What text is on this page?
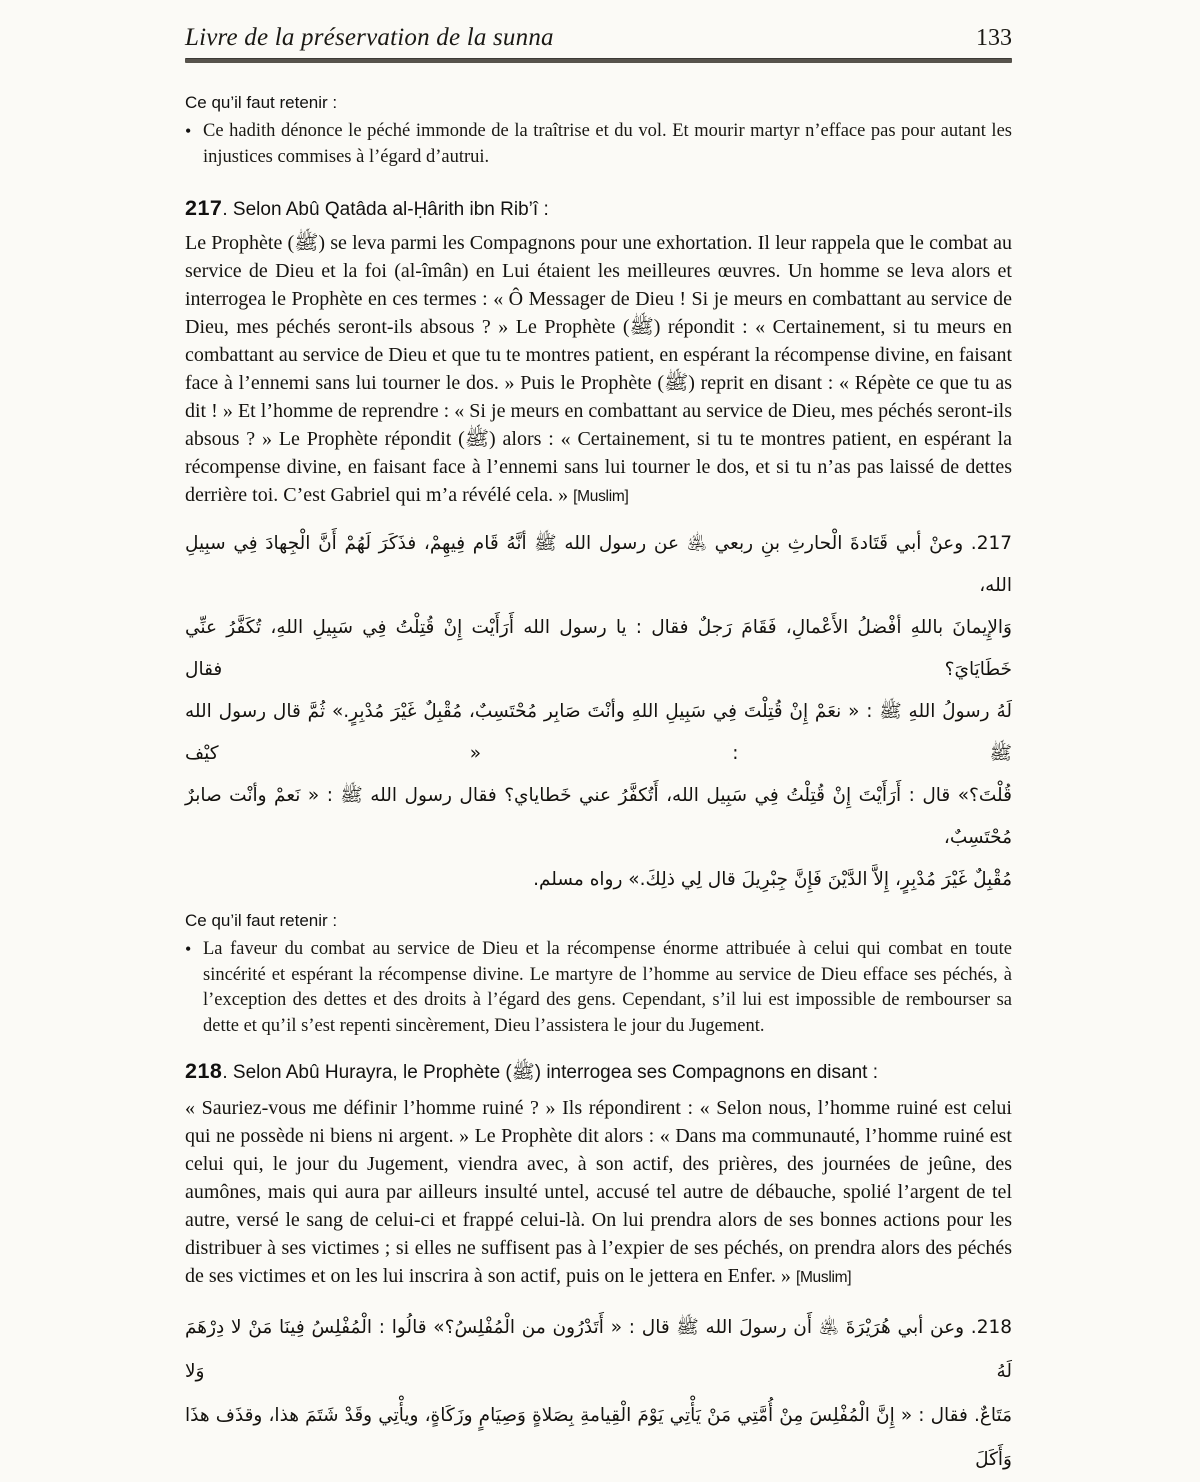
Livre de la préservation de la sunna	133
Ce qu’il faut retenir :
• Ce hadith dénonce le péché immonde de la traîtrise et du vol. Et mourir martyr n’efface pas pour autant les injustices commises à l’égard d’autrui.
217. Selon Abû Qatâda al-Ḥârith ibn Rib’î :

Le Prophète (ﷺ) se leva parmi les Compagnons pour une exhortation. Il leur rappela que le combat au service de Dieu et la foi (al-îmân) en Lui étaient les meilleures œuvres. Un homme se leva alors et interrogea le Prophète en ces termes : « Ô Messager de Dieu ! Si je meurs en combattant au service de Dieu, mes péchés seront-ils absous ? » Le Prophète (ﷺ) répondit : « Certainement, si tu meurs en combattant au service de Dieu et que tu te montres patient, en espérant la récompense divine, en faisant face à l’ennemi sans lui tourner le dos. » Puis le Prophète (ﷺ) reprit en disant : « Répète ce que tu as dit ! » Et l’homme de reprendre : « Si je meurs en combattant au service de Dieu, mes péchés seront-ils absous ? » Le Prophète répondit (ﷺ) alors : « Certainement, si tu te montres patient, en espérant la récompense divine, en faisant face à l’ennemi sans lui tourner le dos, et si tu n’as pas laissé de dettes derrière toi. C’est Gabriel qui m’a révélé cela. » [Muslim]

217. وعنْ أبي قَتَادةَ الْحارثِ بنِ ربعي ﵁ عن رسول الله ﷺ أنَّهُ قَام فِيهِمْ، فذَكَرَ لَهُمْ أَنَّ الْجِهادَ فِي سبِيلِ الله،
وَالإِيمانَ باللهِ أفْضلُ الأَعْمالِ، فَقَامَ رَجلٌ فقال : يا رسول الله أَرَأَيْت إِنْ قُتِلْتُ فِي سَبِيلِ اللهِ، تُكَفَّرُ عنِّي خَطَايَايَ؟ فقال
لَهُ رسولُ اللهِ ﷺ : « نعَمْ إِنْ قُتِلْتَ فِي سَبِيلِ اللهِ وأنْتَ صَابِر مُحْتَسِبٌ، مُقْبِلٌ غَيْرَ مُدْبِرٍ.» ثُمَّ قال رسول الله ﷺ : « كيْف
قُلْتَ؟» قال : أَرَأَيْتَ إِنْ قُتِلْتُ فِي سَبِيل الله، أَتُكفَّرُ عني خَطاياي؟ فقال رسول الله ﷺ : « نَعمْ وأنْت صابرٌ مُحْتَسِبٌ،
مُقْبِلٌ غَيْرَ مُدْبِرٍ، إِلاَّ الدَّيْنَ فَإِنَّ جِبْرِيلَ قال لِي ذلِكَ.» رواه مسلم.
Ce qu’il faut retenir :
• La faveur du combat au service de Dieu et la récompense énorme attribuée à celui qui combat en toute sincérité et espérant la récompense divine. Le martyre de l’homme au service de Dieu efface ses péchés, à l’exception des dettes et des droits à l’égard des gens. Cependant, s’il lui est impossible de rembourser sa dette et qu’il s’est repenti sincèrement, Dieu l’assistera le jour du Jugement.
218. Selon Abû Hurayra, le Prophète (ﷺ) interrogea ses Compagnons en disant :

« Sauriez-vous me définir l’homme ruiné ? » Ils répondirent : « Selon nous, l’homme ruiné est celui qui ne possède ni biens ni argent. » Le Prophète dit alors : « Dans ma communauté, l’homme ruiné est celui qui, le jour du Jugement, viendra avec, à son actif, des prières, des journées de jeûne, des aumônes, mais qui aura par ailleurs insulté untel, accusé tel autre de débauche, spolié l’argent de tel autre, versé le sang de celui-ci et frappé celui-là. On lui prendra alors de ses bonnes actions pour les distribuer à ses victimes ; si elles ne suffisent pas à l’expier de ses péchés, on prendra alors des péchés de ses victimes et on les lui inscrira à son actif, puis on le jettera en Enfer. » [Muslim]

218. وعن أبي هُرَيْرَةَ ﵁ أَن رسولَ الله ﷺ قال : « أَتَدْرُون من الْمُفْلِسُ؟» قالُوا : الْمُفْلِسُ فِينَا مَنْ لا دِرْهَمَ لَهُ وَلا
مَتَاعٌ. فقال : « إِنَّ الْمُفْلِسَ مِنْ أُمَّتِي مَنْ يَأْتِي يَوْمَ الْقِيامةِ بِصَلاةٍ وَصِيَامٍ وزَكَاةٍ، ويأْتِي وقَدْ شَتَمَ هذا، وقذَف هذَا وَأَكَلَ
